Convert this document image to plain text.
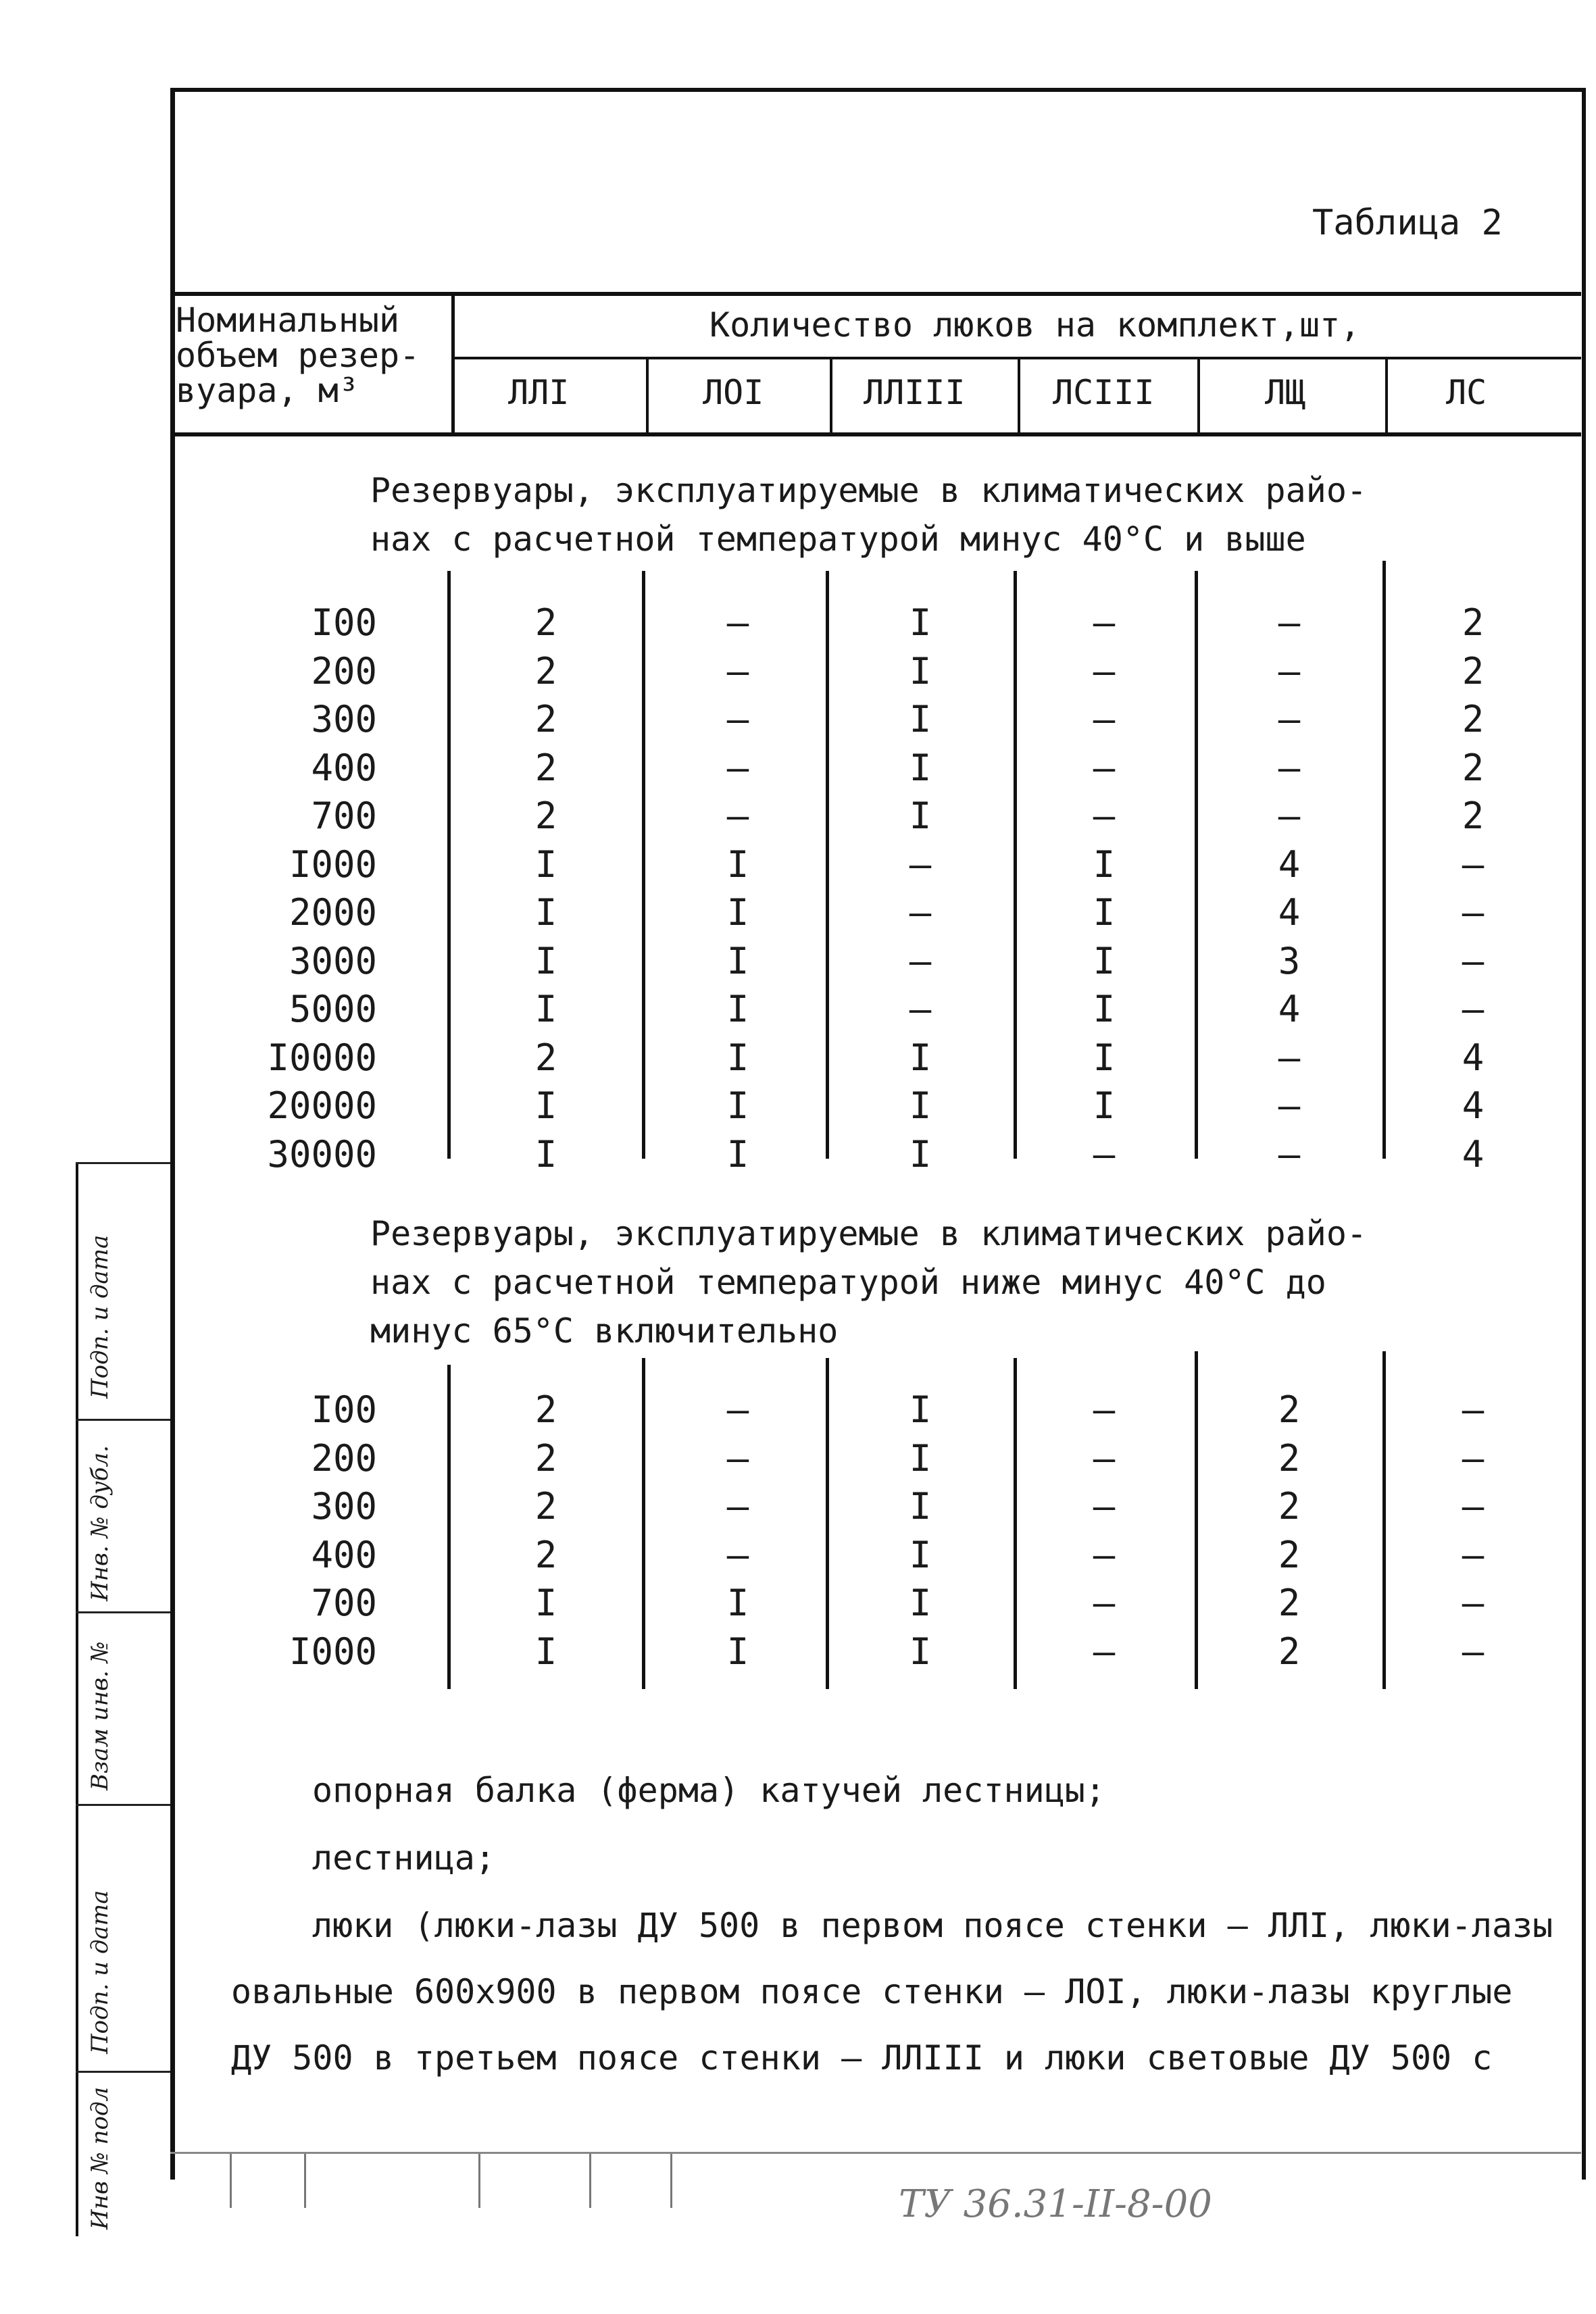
Таблица 2
Номинальный
объем резер-
вуара, м³
Количество люков на комплект,шт,
ЛЛI	ЛОI	ЛЛIII	ЛСIII	ЛЩ	ЛС
Резервуары, эксплуатируемые в климатических райо-
нах с расчетной температурой минус 40°С и выше
I00	2	–	I	–	–	2
200	2	–	I	–	–	2
300	2	–	I	–	–	2
400	2	–	I	–	–	2
700	2	–	I	–	–	2
I000	I	I	–	I	4	–
2000	I	I	–	I	4	–
3000	I	I	–	I	3	–
5000	I	I	–	I	4	–
I0000	2	I	I	I	–	4
20000	I	I	I	I	–	4
30000	I	I	I	–	–	4
Резервуары, эксплуатируемые в климатических райо-
нах с расчетной температурой ниже минус 40°С до
минус 65°С включительно
I00	2	–	I	–	2	–
200	2	–	I	–	2	–
300	2	–	I	–	2	–
400	2	–	I	–	2	–
700	I	I	I	–	2	–
I000	I	I	I	–	2	–
опорная балка (ферма) катучей лестницы;
лестница;
люки (люки-лазы ДУ 500 в первом поясе стенки – ЛЛI, люки-лазы
овальные 600х900 в первом поясе стенки – ЛОI, люки-лазы круглые
ДУ 500 в третьем поясе стенки – ЛЛIII и люки световые ДУ 500 с
Подп. и дата
Инв. № дубл.
Взам инв. №
Подп. и дата
Инв № подл	ТУ 36.31-II-8-00
